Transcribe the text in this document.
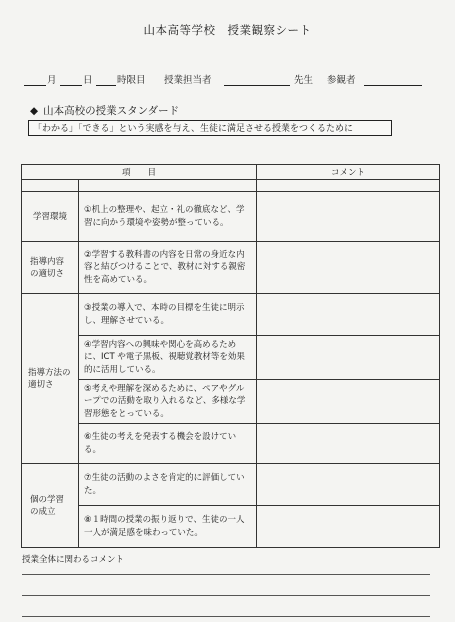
山本高等学校　授業観察シート
月	日	時限目 授業担当者	先生 参観者
◆ 山本高校の授業スタンダード
「わかる」「できる」という実感を与え、生徒に満足させる授業をつくるために
項　　目		コメント

学習環境	①机上の整理や、起立・礼の徹底など、学習に向かう環境や姿勢が整っている。	

指導内容の適切さ	②学習する教科書の内容を日常の身近な内容と結びつけることで、教材に対する親密性を高めている。	

指導方法の適切さ	③授業の導入で、本時の目標を生徒に明示し、理解させている。	

	④学習内容への興味や関心を高めるために、ICT や電子黒板、視聴覚教材等を効果的に活用している。	

	⑤考えや理解を深めるために、ペアやグループでの活動を取り入れるなど、多様な学習形態をとっている。	

	⑥生徒の考えを発表する機会を設けている。	

個の学習の成立	⑦生徒の活動のよさを肯定的に評価していた。	

	⑧１時間の授業の振り返りで、生徒の一人一人が満足感を味わっていた。	

授業全体に関わるコメント
